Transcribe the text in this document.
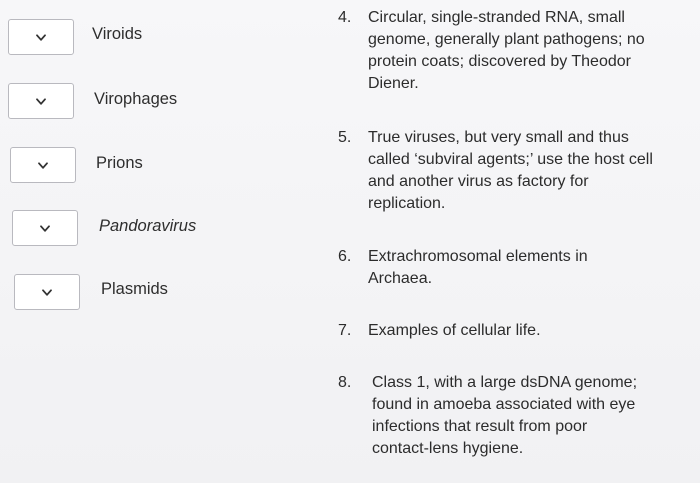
Viroids
Virophages
Prions
Pandoravirus
Plasmids
4.	Circular, single-stranded RNA, small genome, generally plant pathogens; no protein coats; discovered by Theodor Diener.
5.	True viruses, but very small and thus called ‘subviral agents;’ use the host cell and another virus as factory for replication.
6.	Extrachromosomal elements in Archaea.
7.	Examples of cellular life.
8.	Class 1, with a large dsDNA genome; found in amoeba associated with eye infections that result from poor contact-lens hygiene.
